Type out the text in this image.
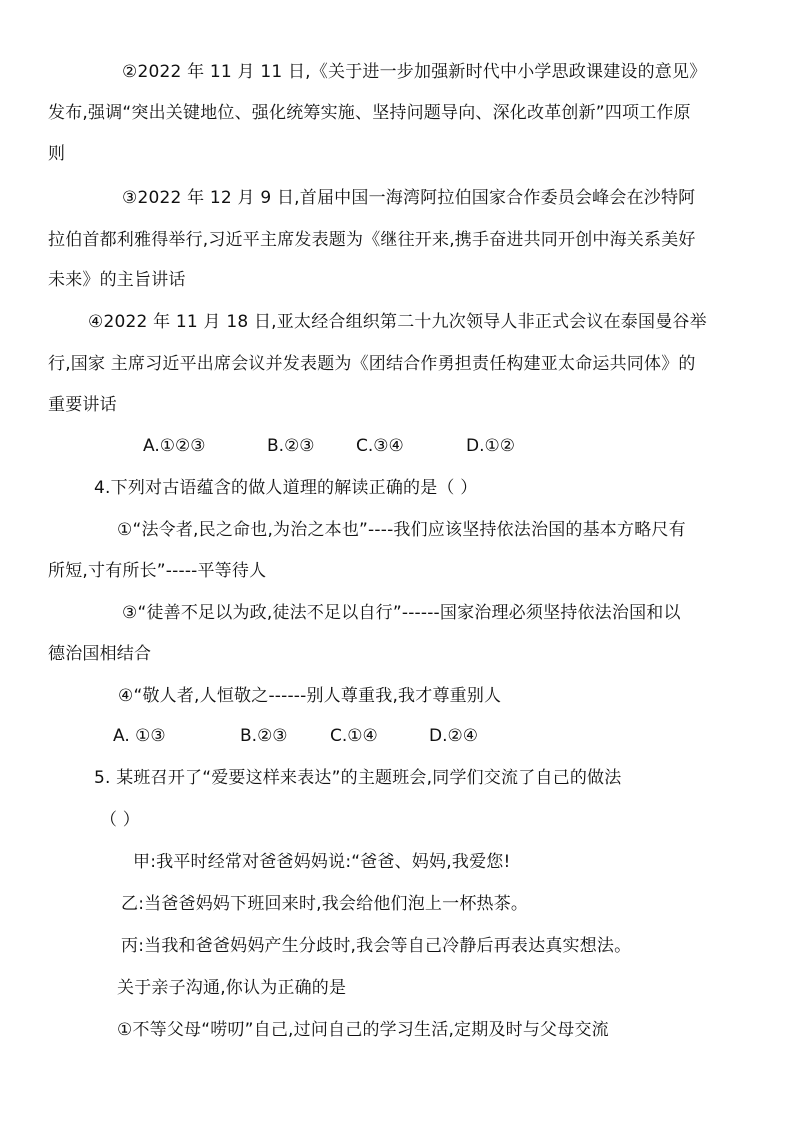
②2022 年 11 月 11 日,《关于进一步加强新时代中小学思政课建设的意见》
发布,强调“突出关键地位、强化统筹实施、坚持问题导向、深化改革创新”四项工作原
则
③2022 年 12 月 9 日,首届中国一海湾阿拉伯国家合作委员会峰会在沙特阿
拉伯首都利雅得举行,习近平主席发表题为《继往开来,携手奋进共同开创中海关系美好
未来》的主旨讲话
④2022 年 11 月 18 日,亚太经合组织第二十九次领导人非正式会议在泰国曼谷举
行,国家 主席习近平出席会议并发表题为《团结合作勇担责任构建亚太命运共同体》的
重要讲话
A.①②③	B.②③ C.③④	D.①②
4.下列对古语蕴含的做人道理的解读正确的是（ ）
①“法令者,民之命也,为治之本也”----我们应该坚持依法治国的基本方略尺有
所短,寸有所长”-----平等待人
③“徒善不足以为政,徒法不足以自行”------国家治理必须坚持依法治国和以
德治国相结合
④“敬人者,人恒敬之------别人尊重我,我才尊重别人
A. ①③	B.②③ C.①④	D.②④
5. 某班召开了“爱要这样来表达”的主题班会,同学们交流了自己的做法
（ ）
甲:我平时经常对爸爸妈妈说:“爸爸、妈妈,我爱您!
乙:当爸爸妈妈下班回来时,我会给他们泡上一杯热茶。
丙:当我和爸爸妈妈产生分歧时,我会等自己冷静后再表达真实想法。
关于亲子沟通,你认为正确的是
①不等父母“唠叨”自己,过问自己的学习生活,定期及时与父母交流
